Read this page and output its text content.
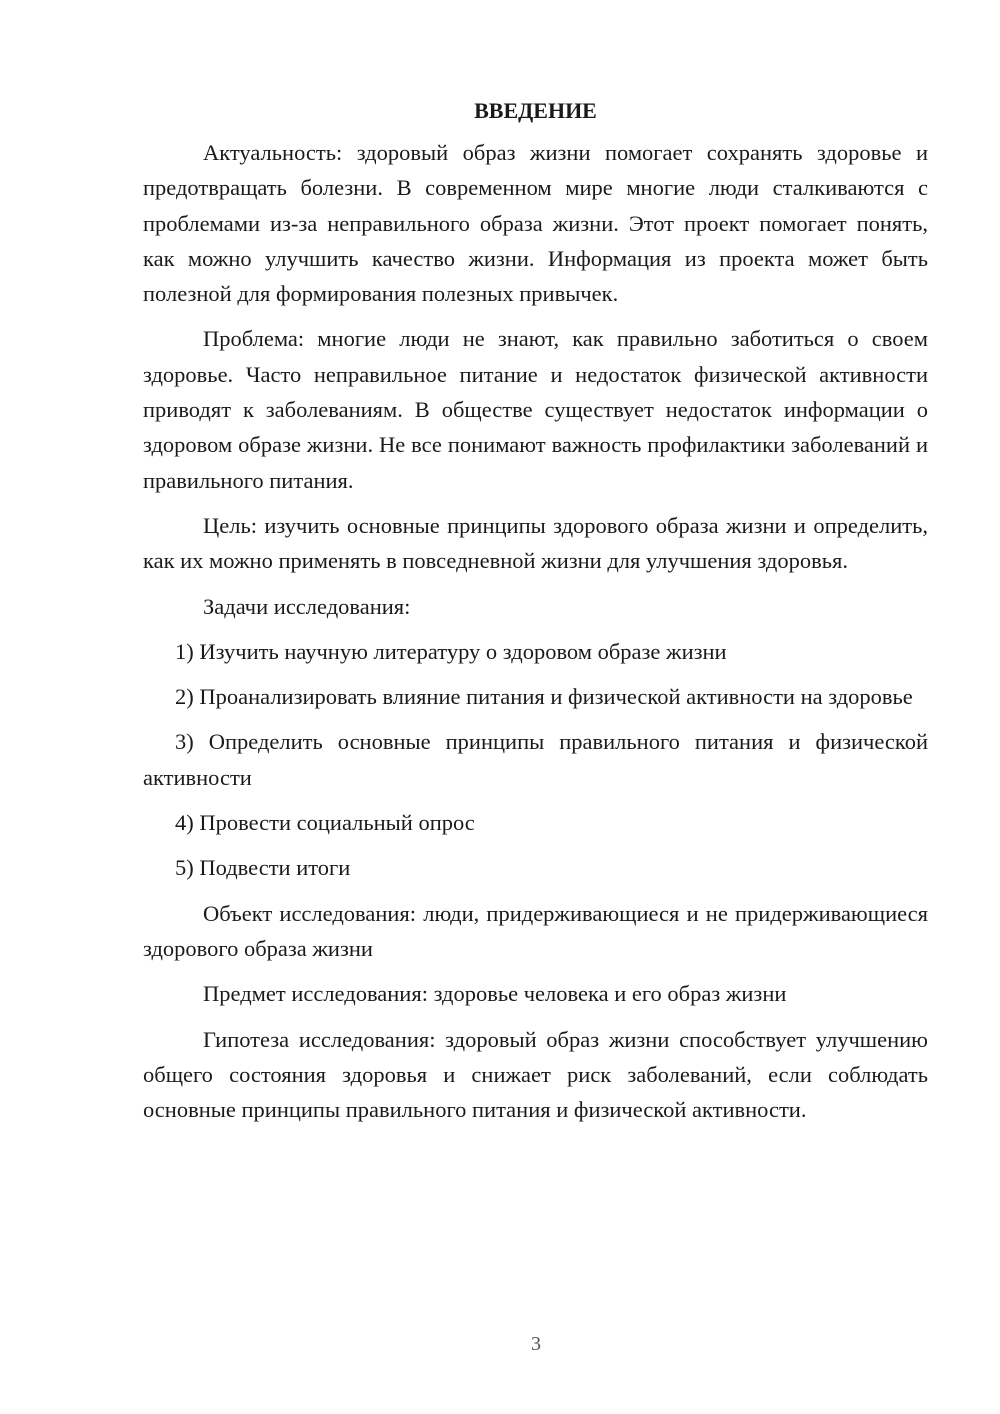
ВВЕДЕНИЕ

Актуальность: здоровый образ жизни помогает сохранять здоровье и предотвращать болезни. В современном мире многие люди сталкиваются с проблемами из-за неправильного образа жизни. Этот проект помогает понять, как можно улучшить качество жизни. Информация из проекта может быть полезной для формирования полезных привычек.

Проблема: многие люди не знают, как правильно заботиться о своем здоровье. Часто неправильное питание и недостаток физической активности приводят к заболеваниям. В обществе существует недостаток информации о здоровом образе жизни. Не все понимают важность профилактики заболеваний и правильного питания.

Цель: изучить основные принципы здорового образа жизни и определить, как их можно применять в повседневной жизни для улучшения здоровья.

Задачи исследования:

1) Изучить научную литературу о здоровом образе жизни

2) Проанализировать влияние питания и физической активности на здоровье

3) Определить основные принципы правильного питания и физической активности

4) Провести социальный опрос

5) Подвести итоги

Объект исследования: люди, придерживающиеся и не придерживающиеся здорового образа жизни

Предмет исследования: здоровье человека и его образ жизни

Гипотеза исследования: здоровый образ жизни способствует улучшению общего состояния здоровья и снижает риск заболеваний, если соблюдать основные принципы правильного питания и физической активности.

3
